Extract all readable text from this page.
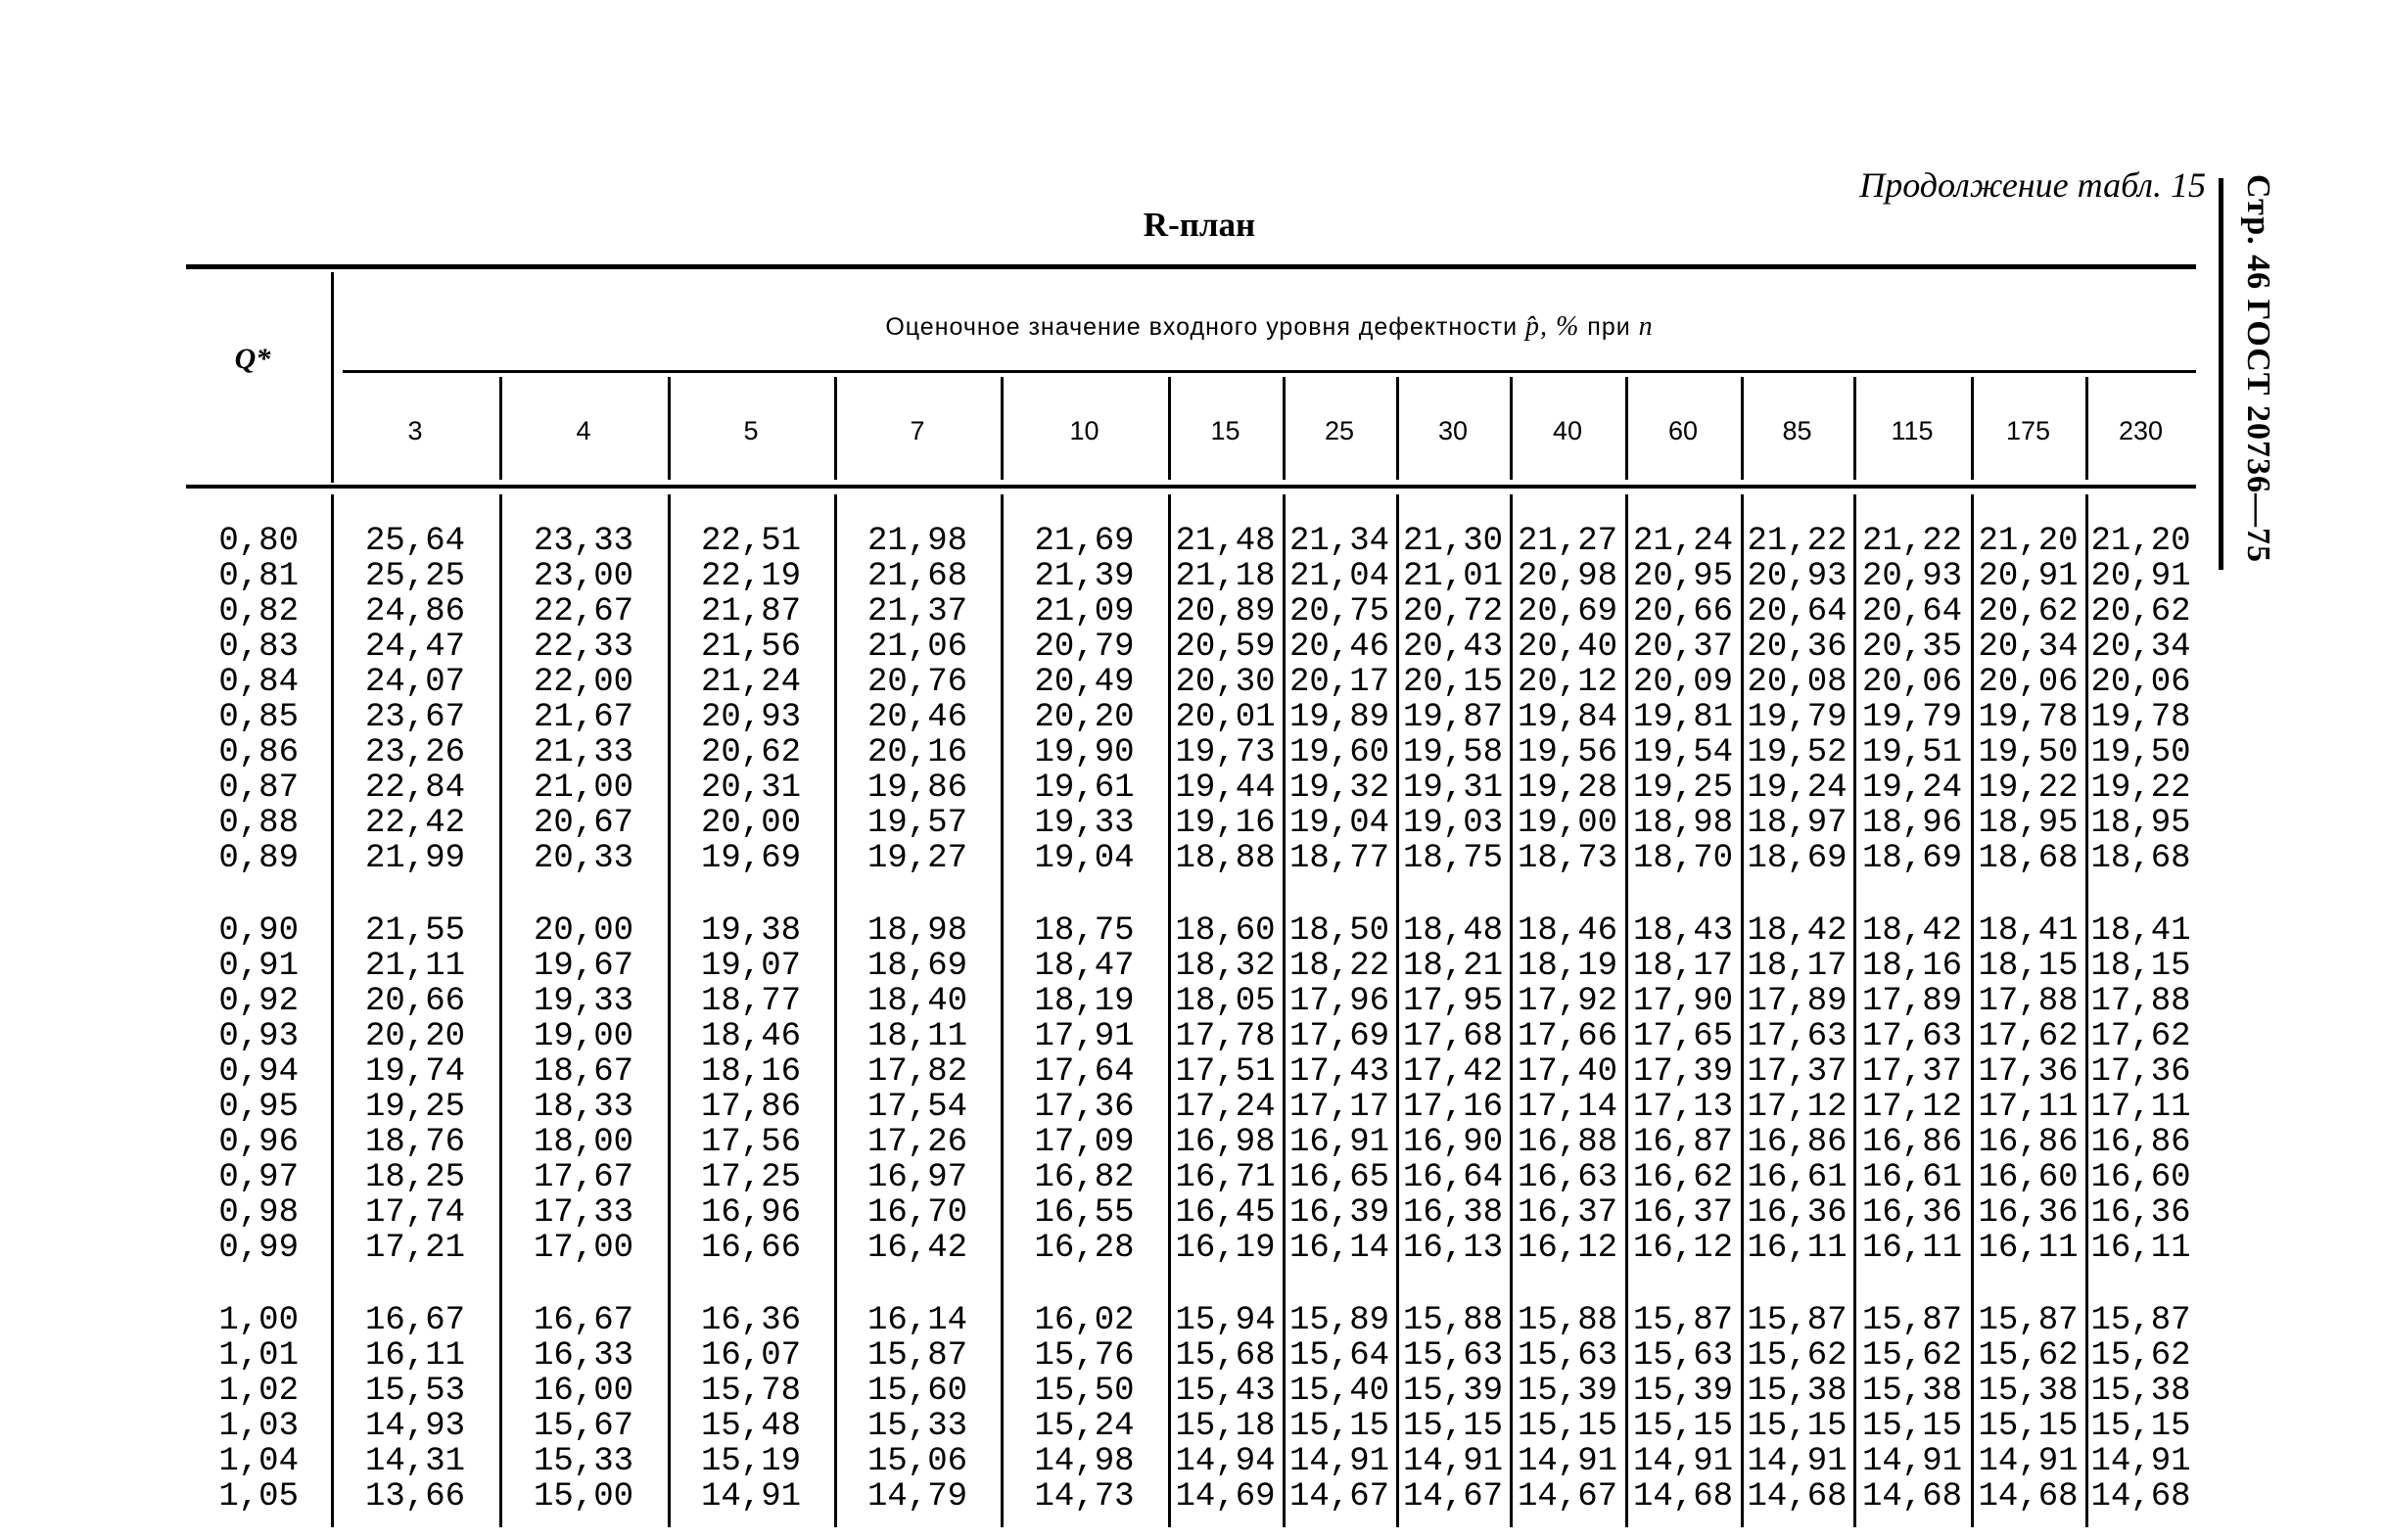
Продолжение табл. 15
R-план	Стр. 46 ГОСТ 20736—75
Q*
Оценочное значение входного уровня дефектности p̂, % при n
3	4	5	7	10	15	25	30	40	60	85	115	175	230
0,80	25,64	23,33	22,51	21,98	21,69	21,48 21,34 21,30 21,27 21,24 21,22 21,22 21,20 21,20
0,81	25,25	23,00	22,19	21,68	21,39	21,18 21,04 21,01 20,98 20,95 20,93 20,93 20,91 20,91
0,82	24,86	22,67	21,87	21,37	21,09	20,89 20,75 20,72 20,69 20,66 20,64 20,64 20,62 20,62
0,83	24,47	22,33	21,56	21,06	20,79	20,59 20,46 20,43 20,40 20,37 20,36 20,35 20,34 20,34
0,84	24,07	22,00	21,24	20,76	20,49	20,30 20,17 20,15 20,12 20,09 20,08 20,06 20,06 20,06
0,85	23,67	21,67	20,93	20,46	20,20	20,01 19,89 19,87 19,84 19,81 19,79 19,79 19,78 19,78
0,86	23,26	21,33	20,62	20,16	19,90	19,73 19,60 19,58 19,56 19,54 19,52 19,51 19,50 19,50
0,87	22,84	21,00	20,31	19,86	19,61	19,44 19,32 19,31 19,28 19,25 19,24 19,24 19,22 19,22
0,88	22,42	20,67	20,00	19,57	19,33	19,16 19,04 19,03 19,00 18,98 18,97 18,96 18,95 18,95
0,89	21,99	20,33	19,69	19,27	19,04	18,88 18,77 18,75 18,73 18,70 18,69 18,69 18,68 18,68
0,90	21,55	20,00	19,38	18,98	18,75	18,60 18,50 18,48 18,46 18,43 18,42 18,42 18,41 18,41
0,91	21,11	19,67	19,07	18,69	18,47	18,32 18,22 18,21 18,19 18,17 18,17 18,16 18,15 18,15
0,92	20,66	19,33	18,77	18,40	18,19	18,05 17,96 17,95 17,92 17,90 17,89 17,89 17,88 17,88
0,93	20,20	19,00	18,46	18,11	17,91	17,78 17,69 17,68 17,66 17,65 17,63 17,63 17,62 17,62
0,94	19,74	18,67	18,16	17,82	17,64	17,51 17,43 17,42 17,40 17,39 17,37 17,37 17,36 17,36
0,95	19,25	18,33	17,86	17,54	17,36	17,24 17,17 17,16 17,14 17,13 17,12 17,12 17,11 17,11
0,96	18,76	18,00	17,56	17,26	17,09	16,98 16,91 16,90 16,88 16,87 16,86 16,86 16,86 16,86
0,97	18,25	17,67	17,25	16,97	16,82	16,71 16,65 16,64 16,63 16,62 16,61 16,61 16,60 16,60
0,98	17,74	17,33	16,96	16,70	16,55	16,45 16,39 16,38 16,37 16,37 16,36 16,36 16,36 16,36
0,99	17,21	17,00	16,66	16,42	16,28	16,19 16,14 16,13 16,12 16,12 16,11 16,11 16,11 16,11
1,00	16,67	16,67	16,36	16,14	16,02	15,94 15,89 15,88 15,88 15,87 15,87 15,87 15,87 15,87
1,01	16,11	16,33	16,07	15,87	15,76	15,68 15,64 15,63 15,63 15,63 15,62 15,62 15,62 15,62
1,02	15,53	16,00	15,78	15,60	15,50	15,43 15,40 15,39 15,39 15,39 15,38 15,38 15,38 15,38
1,03	14,93	15,67	15,48	15,33	15,24	15,18 15,15 15,15 15,15 15,15 15,15 15,15 15,15 15,15
1,04	14,31	15,33	15,19	15,06	14,98	14,94 14,91 14,91 14,91 14,91 14,91 14,91 14,91 14,91
1,05	13,66	15,00	14,91	14,79	14,73	14,69 14,67 14,67 14,67 14,68 14,68 14,68 14,68 14,68
